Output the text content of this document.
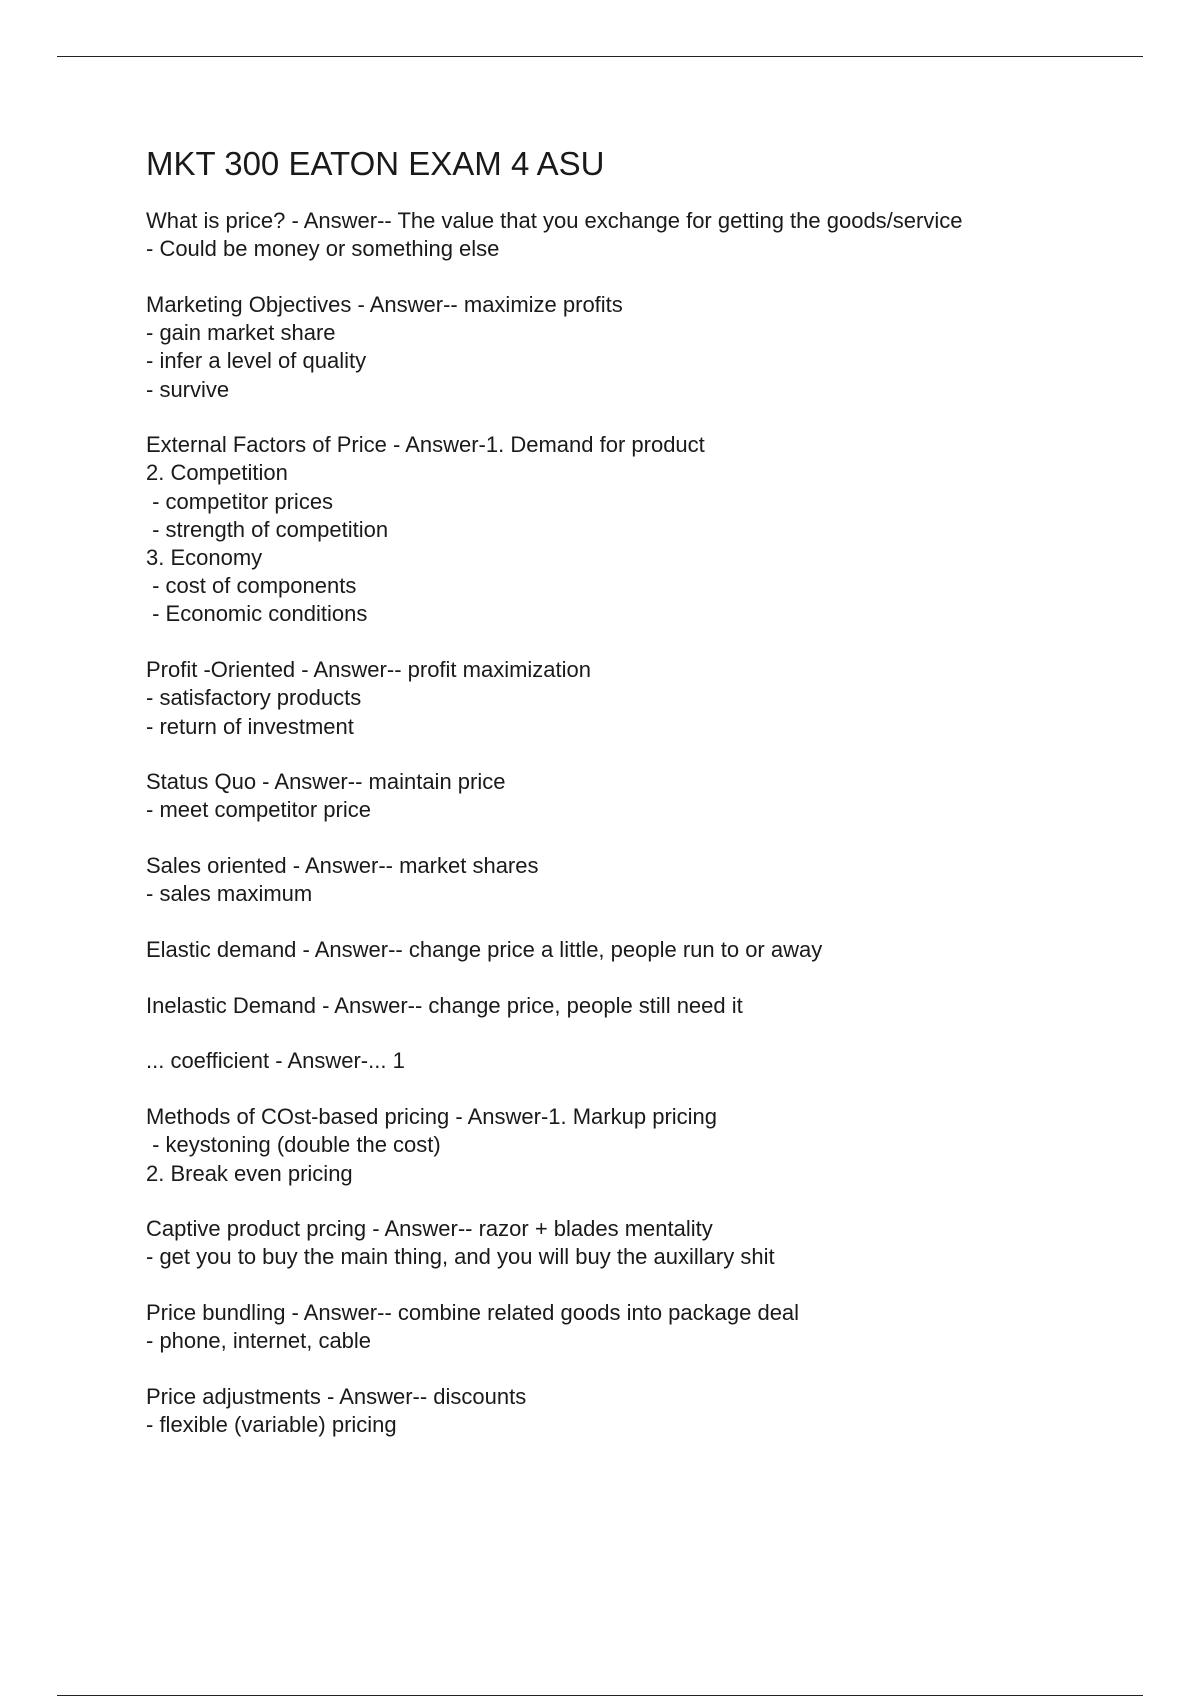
MKT 300 EATON EXAM 4 ASU
What is price? - Answer-- The value that you exchange for getting the goods/service
- Could be money or something else
Marketing Objectives - Answer-- maximize profits
- gain market share
- infer a level of quality
- survive
External Factors of Price - Answer-1. Demand for product
2. Competition
- competitor prices
- strength of competition
3. Economy
- cost of components
- Economic conditions
Profit -Oriented - Answer-- profit maximization
- satisfactory products
- return of investment
Status Quo - Answer-- maintain price
- meet competitor price
Sales oriented - Answer-- market shares
- sales maximum
Elastic demand - Answer-- change price a little, people run to or away
Inelastic Demand - Answer-- change price, people still need it
... coefficient - Answer-... 1
Methods of COst-based pricing - Answer-1. Markup pricing
- keystoning (double the cost)
2. Break even pricing
Captive product prcing - Answer-- razor + blades mentality
- get you to buy the main thing, and you will buy the auxillary shit
Price bundling - Answer-- combine related goods into package deal
- phone, internet, cable
Price adjustments - Answer-- discounts
- flexible (variable) pricing
